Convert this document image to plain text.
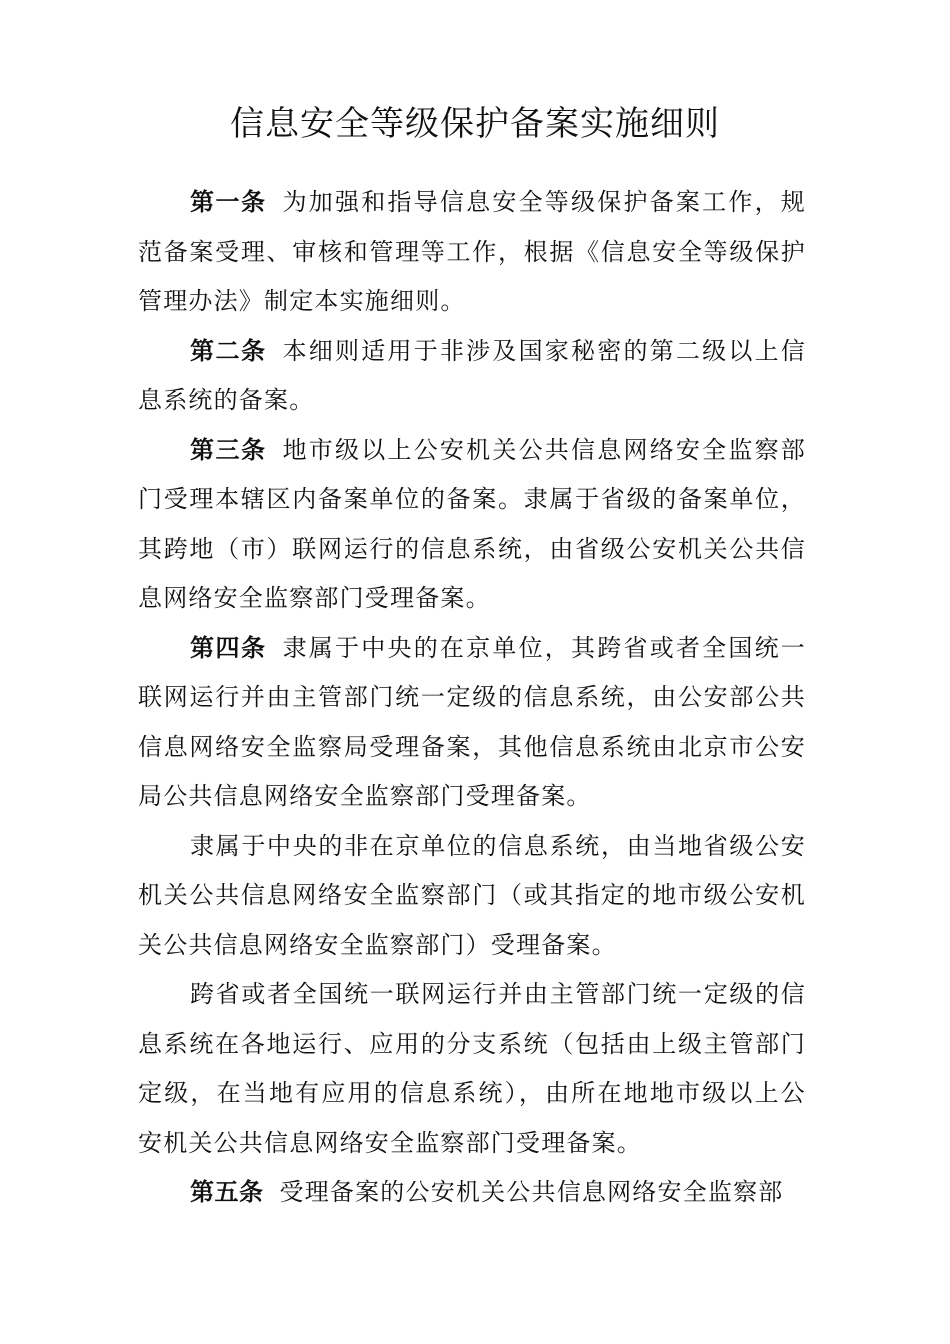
信息安全等级保护备案实施细则

第一条 为加强和指导信息安全等级保护备案工作，规范备案受理、审核和管理等工作，根据《信息安全等级保护管理办法》制定本实施细则。

第二条 本细则适用于非涉及国家秘密的第二级以上信息系统的备案。

第三条 地市级以上公安机关公共信息网络安全监察部门受理本辖区内备案单位的备案。隶属于省级的备案单位，其跨地（市）联网运行的信息系统，由省级公安机关公共信息网络安全监察部门受理备案。

第四条 隶属于中央的在京单位，其跨省或者全国统一联网运行并由主管部门统一定级的信息系统，由公安部公共信息网络安全监察局受理备案，其他信息系统由北京市公安局公共信息网络安全监察部门受理备案。

隶属于中央的非在京单位的信息系统，由当地省级公安机关公共信息网络安全监察部门（或其指定的地市级公安机关公共信息网络安全监察部门）受理备案。

跨省或者全国统一联网运行并由主管部门统一定级的信息系统在各地运行、应用的分支系统（包括由上级主管部门定级，在当地有应用的信息系统），由所在地地市级以上公安机关公共信息网络安全监察部门受理备案。

第五条 受理备案的公安机关公共信息网络安全监察部
